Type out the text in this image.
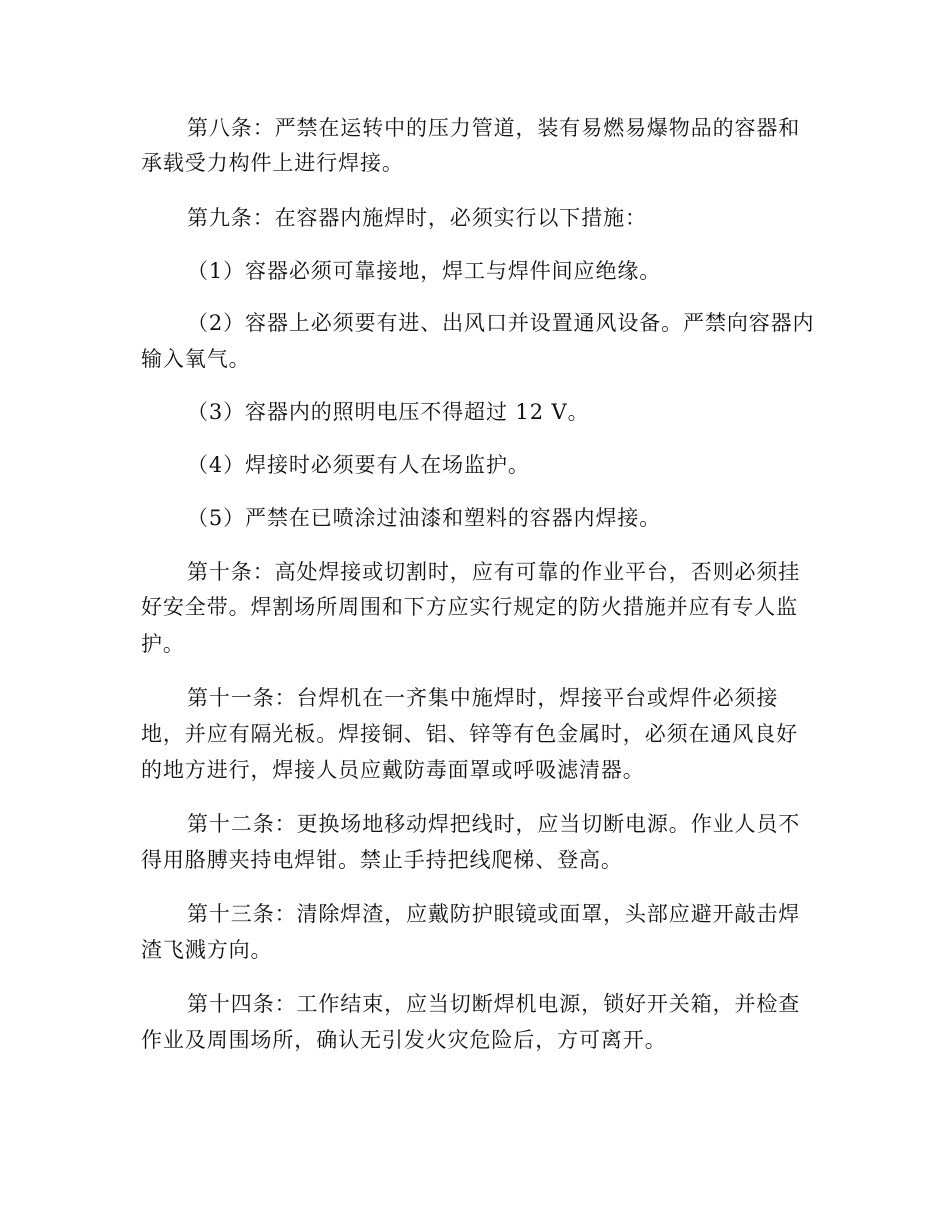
第八条：严禁在运转中的压力管道，装有易燃易爆物品的容器和
承载受力构件上进行焊接。
第九条：在容器内施焊时，必须实行以下措施：
（1）容器必须可靠接地，焊工与焊件间应绝缘。
（2）容器上必须要有进、出风口并设置通风设备。严禁向容器内
输入氧气。
（3）容器内的照明电压不得超过 12 V。
（4）焊接时必须要有人在场监护。
（5）严禁在已喷涂过油漆和塑料的容器内焊接。
第十条：高处焊接或切割时，应有可靠的作业平台，否则必须挂
好安全带。焊割场所周围和下方应实行规定的防火措施并应有专人监
护。
第十一条：台焊机在一齐集中施焊时，焊接平台或焊件必须接
地，并应有隔光板。焊接铜、铝、锌等有色金属时，必须在通风良好
的地方进行，焊接人员应戴防毒面罩或呼吸滤清器。
第十二条：更换场地移动焊把线时，应当切断电源。作业人员不
得用胳膊夹持电焊钳。禁止手持把线爬梯、登高。
第十三条：清除焊渣，应戴防护眼镜或面罩，头部应避开敲击焊
渣飞溅方向。
第十四条：工作结束，应当切断焊机电源，锁好开关箱，并检查
作业及周围场所，确认无引发火灾危险后，方可离开。
